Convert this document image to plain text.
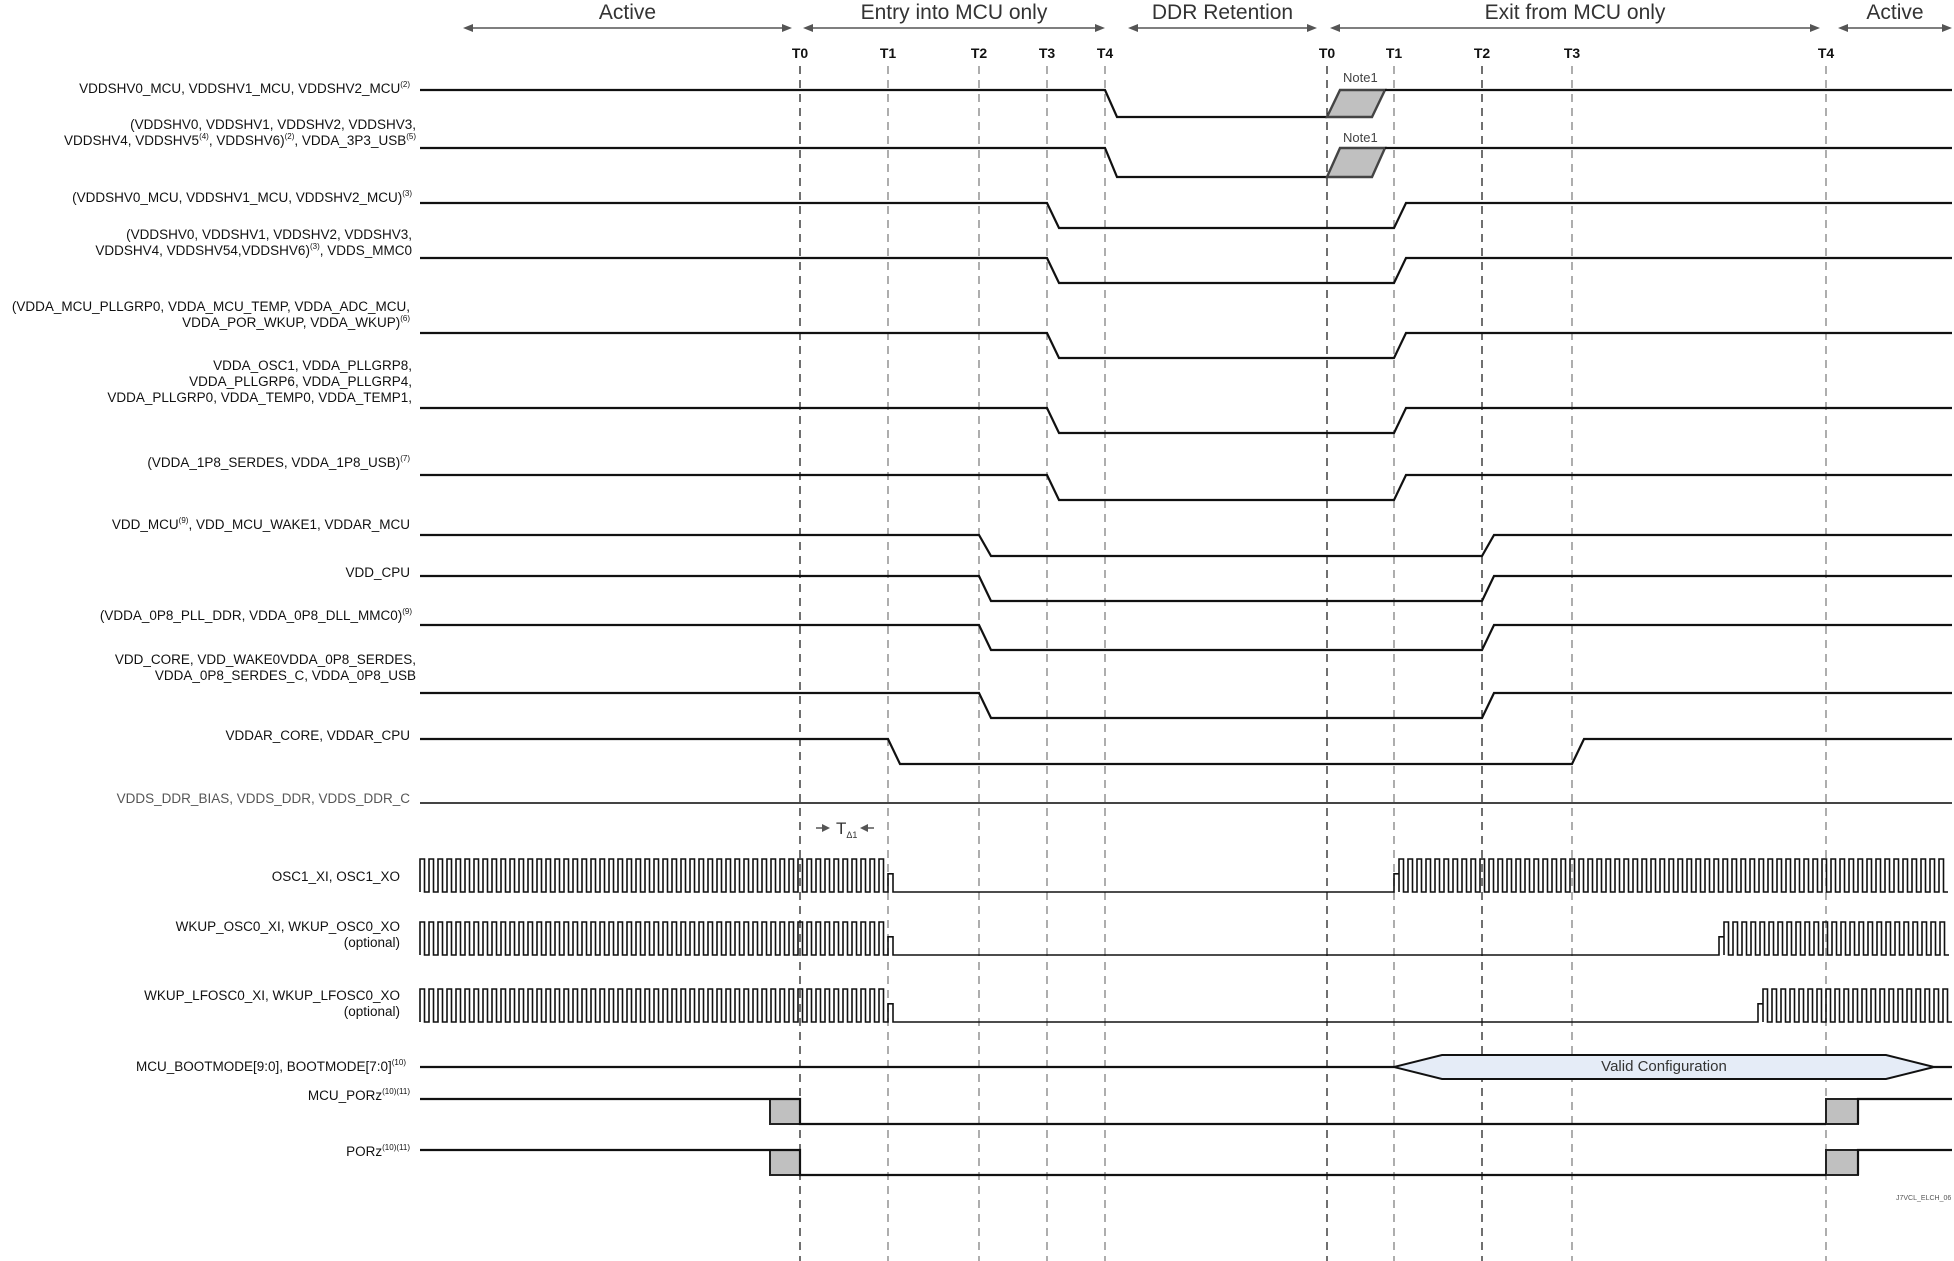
Active	Entry into MCU only	DDR Retention	Exit from MCU only	Active
T0	T1	T2	T3	T4	T0	T1	T2	T3	T4
VDDSHV0_MCU, VDDSHV1_MCU, VDDSHV2_MCU$^{(2)}$
(VDDSHV0, VDDSHV1, VDDSHV2, VDDSHV3,
VDDSHV4, VDDSHV5$^{(4)}$, VDDSHV6)$^{(2)}$, VDDA_3P3_USB$^{(5)}$
(VDDSHV0_MCU, VDDSHV1_MCU, VDDSHV2_MCU)$^{(3)}$
(VDDSHV0, VDDSHV1, VDDSHV2, VDDSHV3,
VDDSHV4, VDDSHV54,VDDSHV6)$^{(3)}$, VDDS_MMC0
(VDDA_MCU_PLLGRP0, VDDA_MCU_TEMP, VDDA_ADC_MCU,
VDDA_POR_WKUP, VDDA_WKUP)$^{(6)}$
VDDA_OSC1, VDDA_PLLGRP8,
VDDA_PLLGRP6, VDDA_PLLGRP4,
VDDA_PLLGRP0, VDDA_TEMP0, VDDA_TEMP1,
(VDDA_1P8_SERDES, VDDA_1P8_USB)$^{(7)}$
VDD_MCU$^{(9)}$, VDD_MCU_WAKE1, VDDAR_MCU
VDD_CPU
(VDDA_0P8_PLL_DDR, VDDA_0P8_DLL_MMC0)$^{(9)}$
VDD_CORE, VDD_WAKE0VDDA_0P8_SERDES,
VDDA_0P8_SERDES_C, VDDA_0P8_USB
VDDAR_CORE, VDDAR_CPU
VDDS_DDR_BIAS, VDDS_DDR, VDDS_DDR_C
OSC1_XI, OSC1_XO
WKUP_OSC0_XI, WKUP_OSC0_XO
(optional)
WKUP_LFOSC0_XI, WKUP_LFOSC0_XO
(optional)
MCU_BOOTMODE[9:0], BOOTMODE[7:0]$^{(10)}$
MCU_PORz$^{(10)(11)}$
PORz$^{(10)(11)}$
Note1
Note1
$T_{\Delta 1}$
Valid Configuration
J7VCL_ELCH_06
